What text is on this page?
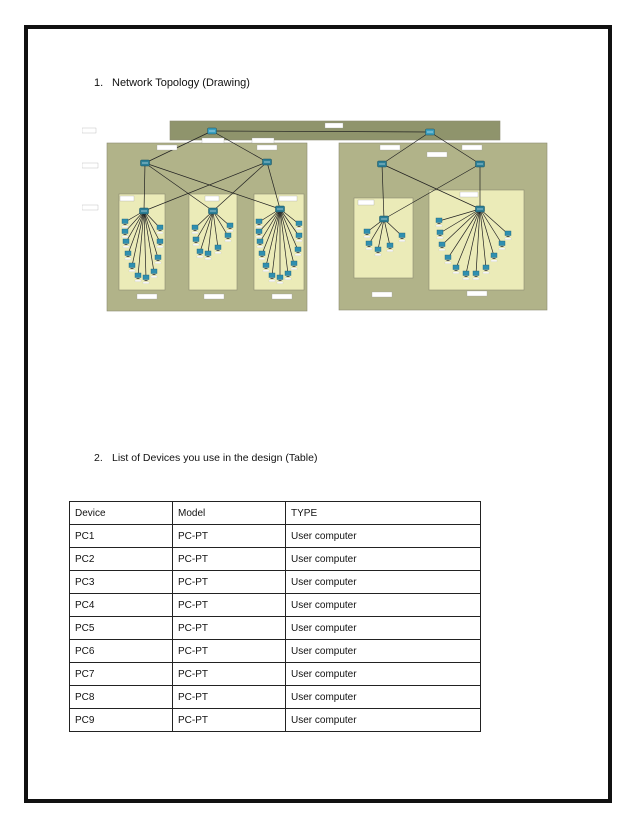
1. Network Topology (Drawing)
2. List of Devices you use in the design (Table)
Device	Model	TYPE
PC1	PC-PT	User computer
PC2	PC-PT	User computer
PC3	PC-PT	User computer
PC4	PC-PT	User computer
PC5	PC-PT	User computer
PC6	PC-PT	User computer
PC7	PC-PT	User computer
PC8	PC-PT	User computer
PC9	PC-PT	User computer
